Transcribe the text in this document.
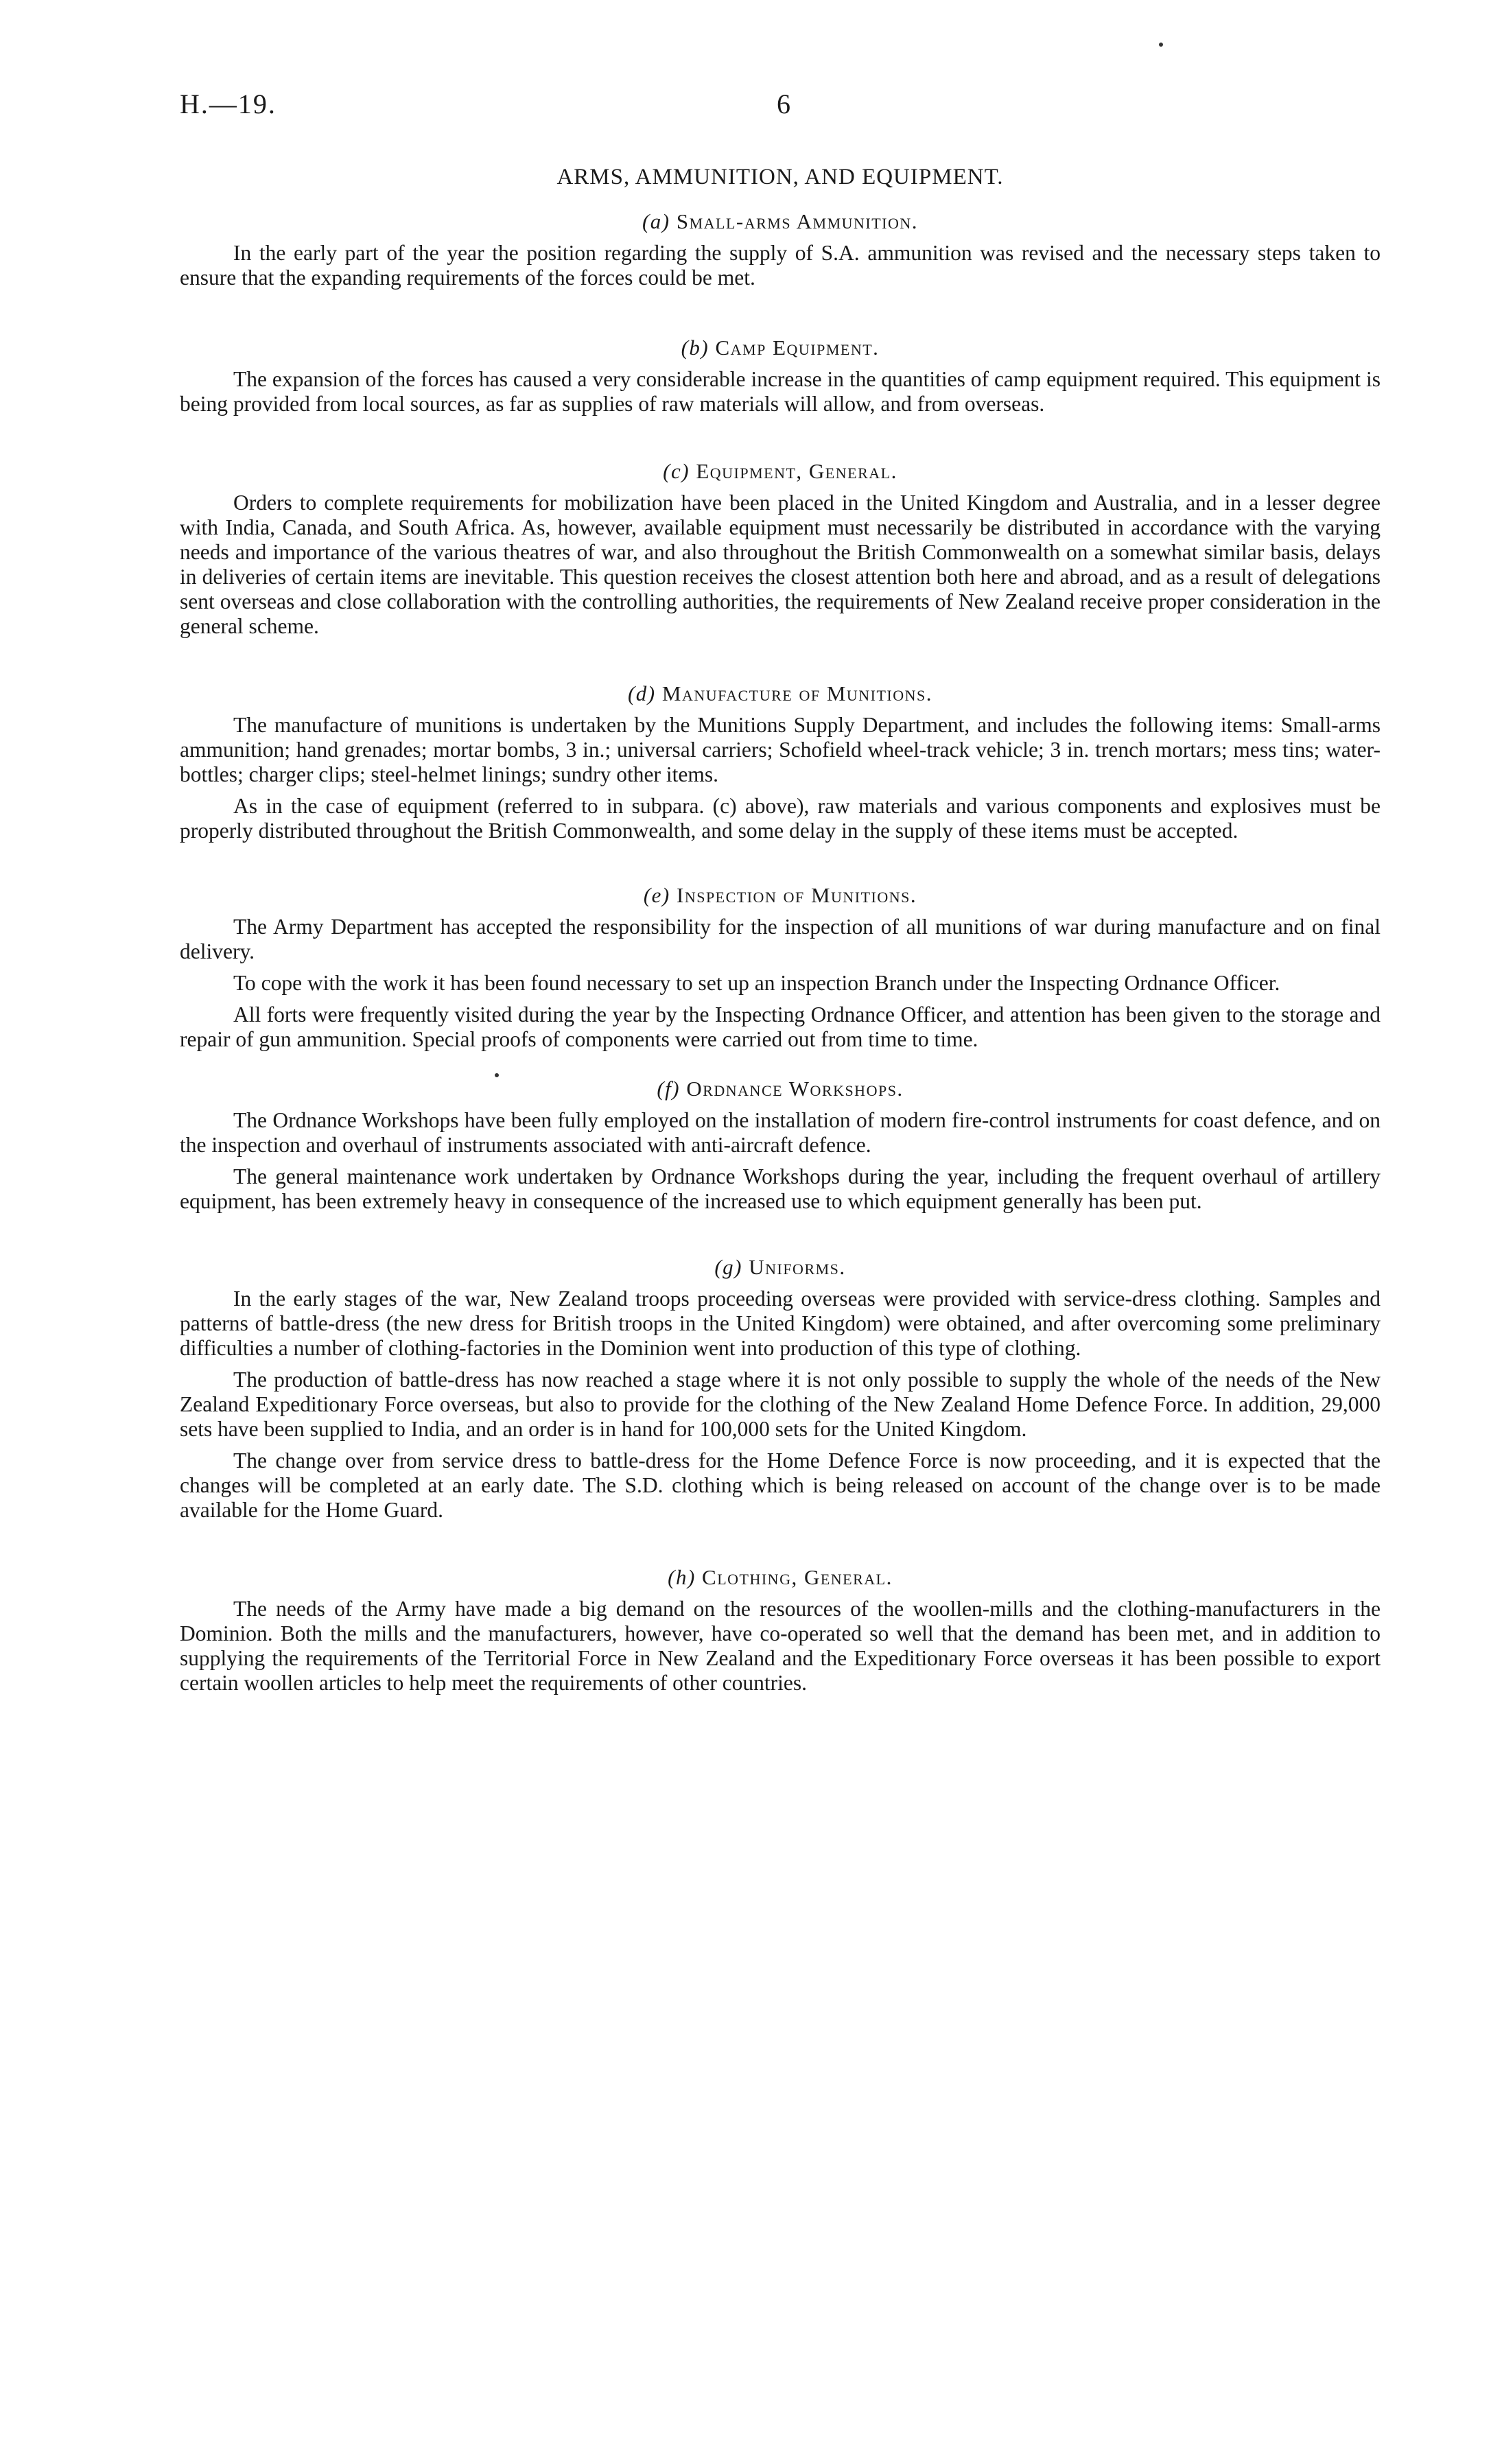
H.—19.	6
ARMS, AMMUNITION, AND EQUIPMENT.
(a) Small-arms Ammunition.

In the early part of the year the position regarding the supply of S.A. ammunition was revised and the necessary steps taken to ensure that the expanding requirements of the forces could be met.

(b) Camp Equipment.

The expansion of the forces has caused a very considerable increase in the quantities of camp equipment required. This equipment is being provided from local sources, as far as supplies of raw materials will allow, and from overseas.

(c) Equipment, General.

Orders to complete requirements for mobilization have been placed in the United Kingdom and Australia, and in a lesser degree with India, Canada, and South Africa. As, however, available equipment must necessarily be distributed in accordance with the varying needs and importance of the various theatres of war, and also throughout the British Commonwealth on a somewhat similar basis, delays in deliveries of certain items are inevitable. This question receives the closest attention both here and abroad, and as a result of delegations sent overseas and close collaboration with the controlling authorities, the requirements of New Zealand receive proper consideration in the general scheme.

(d) Manufacture of Munitions.

The manufacture of munitions is undertaken by the Munitions Supply Department, and includes the following items: Small-arms ammunition; hand grenades; mortar bombs, 3 in.; universal carriers; Schofield wheel-track vehicle; 3 in. trench mortars; mess tins; water-bottles; charger clips; steel-helmet linings; sundry other items.

As in the case of equipment (referred to in subpara. (c) above), raw materials and various components and explosives must be properly distributed throughout the British Commonwealth, and some delay in the supply of these items must be accepted.

(e) Inspection of Munitions.

The Army Department has accepted the responsibility for the inspection of all munitions of war during manufacture and on final delivery.

To cope with the work it has been found necessary to set up an inspection Branch under the Inspecting Ordnance Officer.

All forts were frequently visited during the year by the Inspecting Ordnance Officer, and attention has been given to the storage and repair of gun ammunition. Special proofs of components were carried out from time to time.

(f) Ordnance Workshops.

The Ordnance Workshops have been fully employed on the installation of modern fire-control instruments for coast defence, and on the inspection and overhaul of instruments associated with anti-aircraft defence.

The general maintenance work undertaken by Ordnance Workshops during the year, including the frequent overhaul of artillery equipment, has been extremely heavy in consequence of the increased use to which equipment generally has been put.

(g) Uniforms.

In the early stages of the war, New Zealand troops proceeding overseas were provided with service-dress clothing. Samples and patterns of battle-dress (the new dress for British troops in the United Kingdom) were obtained, and after overcoming some preliminary difficulties a number of clothing-factories in the Dominion went into production of this type of clothing.

The production of battle-dress has now reached a stage where it is not only possible to supply the whole of the needs of the New Zealand Expeditionary Force overseas, but also to provide for the clothing of the New Zealand Home Defence Force. In addition, 29,000 sets have been supplied to India, and an order is in hand for 100,000 sets for the United Kingdom.

The change over from service dress to battle-dress for the Home Defence Force is now proceeding, and it is expected that the changes will be completed at an early date. The S.D. clothing which is being released on account of the change over is to be made available for the Home Guard.

(h) Clothing, General.

The needs of the Army have made a big demand on the resources of the woollen-mills and the clothing-manufacturers in the Dominion. Both the mills and the manufacturers, however, have co-operated so well that the demand has been met, and in addition to supplying the requirements of the Territorial Force in New Zealand and the Expeditionary Force overseas it has been possible to export certain woollen articles to help meet the requirements of other countries.
